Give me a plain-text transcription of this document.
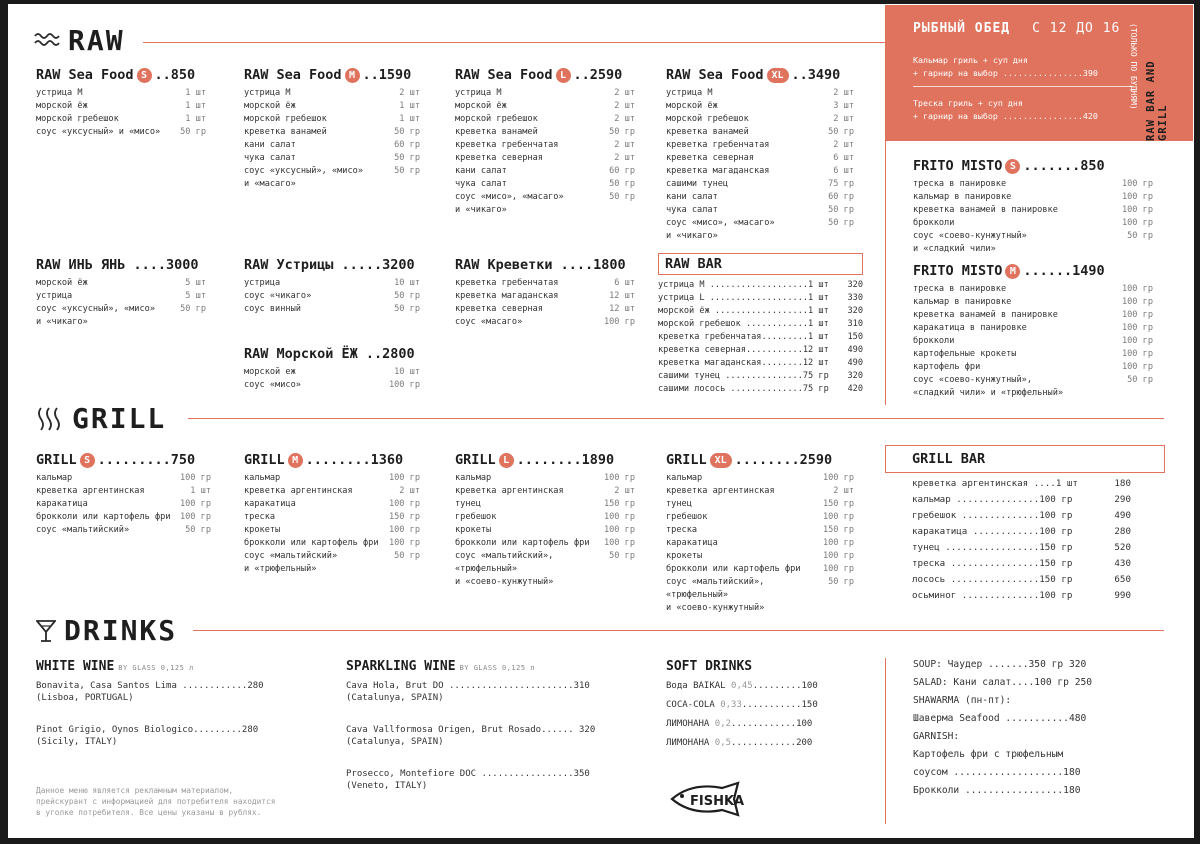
RAW	РЫБНЫЙ ОБЕД С 12 ДО 16
Кальмар гриль + суп дня
+ гарнир на выбор ................390
Треска гриль + суп дня
+ гарнир на выбор ................420
(ТОЛЬКО ПО БУДНЯМ) RAW BAR AND GRILL
RAW Sea Food S ..850
устрица M	1 шт
морской ёж	1 шт
морской гребешок	1 шт
соус «уксусный» и «мисо» 50 гр
RAW Sea Food M ..1590
устрица M	2 шт
морской ёж	1 шт
морской гребешок	1 шт
креветка ванамей	50 гр
кани салат	60 гр
чука салат	50 гр
соус «уксусный», «мисо»	50 гр
и «масаго»
RAW Sea Food L ..2590
устрица M	2 шт
морской ёж	2 шт
морской гребешок	2 шт
креветка ванамей	50 гр
креветка гребенчатая	2 шт
креветка северная	2 шт
кани салат	60 гр
чука салат	50 гр
соус «мисо», «масаго»	50 гр
и «чикаго»
RAW Sea Food XL ..3490
устрица M	2 шт
морской ёж	3 шт
морской гребешок	2 шт
креветка ванамей	50 гр
креветка гребенчатая	2 шт
креветка северная	6 шт
креветка магаданская	6 шт
сашими тунец	75 гр
кани салат	60 гр
чука салат	50 гр
соус «мисо», «масаго»	50 гр
и «чикаго»
RAW ИНЬ ЯНЬ ....3000
морской ёж	5 шт
устрица	5 шт
соус «уксусный», «мисо»	50 гр
и «чикаго»
RAW Устрицы .....3200
устрица	10 шт
соус «чикаго»	50 гр
соус винный	50 гр
RAW Креветки ....1800
креветка гребенчатая	6 шт
креветка магаданская	12 шт
креветка северная	12 шт
соус «масаго»	100 гр
RAW Морской ЁЖ ..2800
морской еж	10 шт
соус «мисо»	100 гр
RAW BAR
устрица M ...................1 шт	320
устрица L ...................1 шт	330
морской ёж ..................1 шт	320
морской гребешок ............1 шт	310
креветка гребенчатая.........1 шт	150
креветка северная...........12 шт	490
креветка магаданская........12 шт	490
сашими тунец ...............75 гр	320
сашими лосось ..............75 гр	420
FRITO MISTO S .......850
треска в панировке	100 гр
кальмар в панировке	100 гр
креветка ванамей в панировке	100 гр
брокколи	100 гр
соус «соево-кунжутный»	50 гр
и «сладкий чили»
FRITO MISTO M ......1490
треска в панировке	100 гр
кальмар в панировке	100 гр
креветка ванамей в панировке	100 гр
каракатица в панировке	100 гр
брокколи	100 гр
картофельные крокеты	100 гр
картофель фри	100 гр
соус «соево-кунжутный»,	50 гр
«сладкий чили» и «трюфельный»
GRILL
GRILL S .........750
кальмар	100 гр
креветка аргентинская	1 шт
каракатица	100 гр
брокколи или картофель фри 100 гр
соус «мальтийский»	50 гр
GRILL M ........1360
кальмар	100 гр
креветка аргентинская	2 шт
каракатица	100 гр
треска	150 гр
крокеты	100 гр
брокколи или картофель фри 100 гр
соус «мальтийский»	50 гр
и «трюфельный»
GRILL L ........1890
кальмар	100 гр
креветка аргентинская	2 шт
тунец	150 гр
гребешок	100 гр
крокеты	100 гр
брокколи или картофель фри 100 гр
соус «мальтийский»,	50 гр
«трюфельный»
и «соево-кунжутный»
GRILL XL ........2590
кальмар	100 гр
креветка аргентинская	2 шт
тунец	150 гр
гребешок	100 гр
треска	150 гр
каракатица	100 гр
крокеты	100 гр
брокколи или картофель фри	100 гр
соус «мальтийский»,	50 гр
«трюфельный»
и «соево-кунжутный»
GRILL BAR
креветка аргентинская ....1 шт	180
кальмар ...............100 гр	290
гребешок ..............100 гр	490
каракатица ............100 гр	280
тунец .................150 гр	520
треска ................150 гр	430
лосось ................150 гр	650
осьминог ..............100 гр	990
DRINKS
WHITE WINE BY GLASS 0,125 л
Bonavita, Casa Santos Lima ............280
(Lisboa, PORTUGAL)
Pinot Grigio, Oynos Biologico.........280
(Sicily, ITALY)
SPARKLING WINE BY GLASS 0,125 л
Cava Hola, Brut DO .......................310
(Catalunya, SPAIN)
Cava Vallformosa Origen, Brut Rosado...... 320
(Catalunya, SPAIN)
Prosecco, Montefiore DOC .................350
(Veneto, ITALY)
SOFT DRINKS
Вода BAIKAL 0,45.........100
COCA-COLA 0,33...........150
ЛИМОНАНА 0,2............100
ЛИМОНАНА 0,5............200
FISHKA
SOUP: Чаудер .......350 гр 320
SALAD: Кани салат....100 гр 250
SHAWARMA (пн-пт):
Шаверма Seafood ...........480
GARNISH:
Картофель фри с трюфельным
соусом ...................180
Брокколи .................180
Данное меню является рекламным материалом,
прейскурант с информацией для потребителя находится
в уголке потребителя. Все цены указаны в рублях.
